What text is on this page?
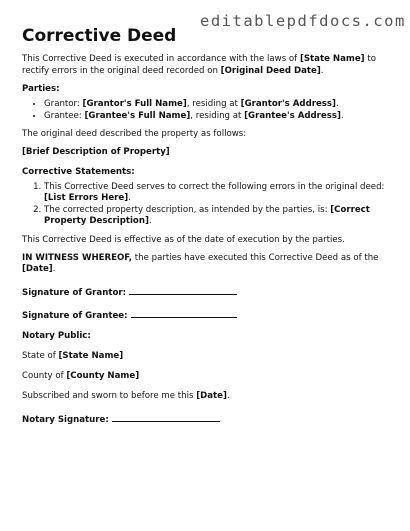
editablepdfdocs.com
Corrective Deed

This Corrective Deed is executed in accordance with the laws of [State Name] to rectify errors in the original deed recorded on [Original Deed Date].

Parties:

• Grantor: [Grantor's Full Name], residing at [Grantor's Address].
• Grantee: [Grantee's Full Name], residing at [Grantee's Address].

The original deed described the property as follows:

[Brief Description of Property]

Corrective Statements:

1. This Corrective Deed serves to correct the following errors in the original deed: [List Errors Here].
2. The corrected property description, as intended by the parties, is: [Correct Property Description].

This Corrective Deed is effective as of the date of execution by the parties.

IN WITNESS WHEREOF, the parties have executed this Corrective Deed as of the [Date].

Signature of Grantor:

Signature of Grantee:

Notary Public:

State of [State Name]

County of [County Name]

Subscribed and sworn to before me this [Date].

Notary Signature:
